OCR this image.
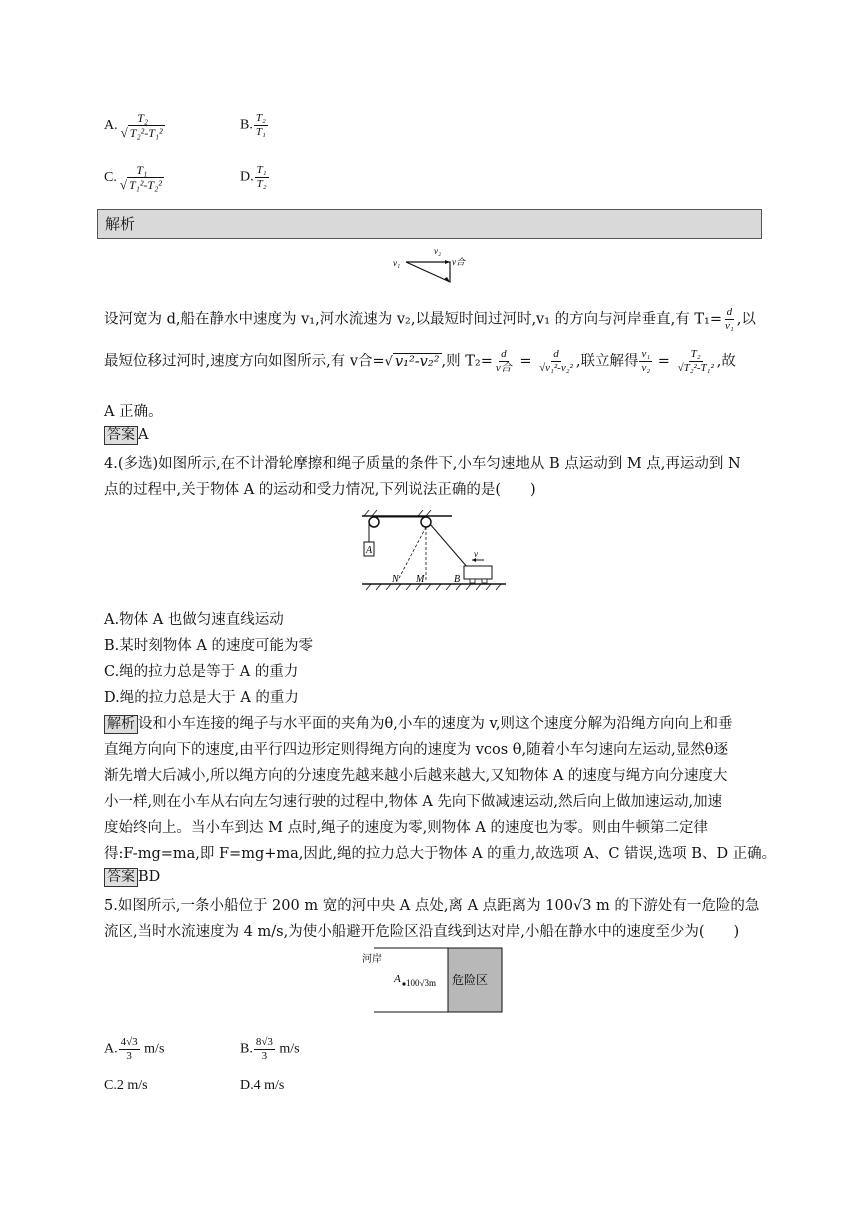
A. $\frac{\text{T₂}}{\text{√ T₂²-T₁²}}$	B. $\frac{\text{T₂}}{\text{T₁}}$
C. $\frac{\text{T₁}}{\text{√ T₁²-T₂²}}$	D. $\frac{\text{T₁}}{\text{T₂}}$
解析
v₁
v₂
v合
设河宽为 d,船在静水中速度为 v₁,河水流速为 v₂,以最短时间过河时,v₁ 的方向与河岸垂直,有 $T_1= \frac{d}{\text{v₁}}$ ,以
最短位移过河时,速度方向如图所示,有 v合=√ v₁²-v₂² ,则 $T_2= \frac{d}{\text{v合}} = \frac{d}{\text{√v₁²-v₂²}}$ ,联立解得 $\frac{\text{v₁}}{\text{v₂}} = \frac{\text{T₂}}{\text{√T₂²-T₁²}}$ ,故
A 正确。
答案 A
4.(多选)如图所示,在不计滑轮摩擦和绳子质量的条件下,小车匀速地从 B 点运动到 M 点,再运动到 N
点的过程中,关于物体 A 的运动和受力情况,下列说法正确的是(　　)
A	v
N M	B
A.物体 A 也做匀速直线运动
B.某时刻物体 A 的速度可能为零
C.绳的拉力总是等于 A 的重力
D.绳的拉力总是大于 A 的重力
解析 设和小车连接的绳子与水平面的夹角为θ,小车的速度为 v,则这个速度分解为沿绳方向向上和垂
直绳方向向下的速度,由平行四边形定则得绳方向的速度为 vcos θ,随着小车匀速向左运动,显然θ逐
渐先增大后减小,所以绳方向的分速度先越来越小后越来越大,又知物体 A 的速度与绳方向分速度大
小一样,则在小车从右向左匀速行驶的过程中,物体 A 先向下做减速运动,然后向上做加速运动,加速
度始终向上。当小车到达 M 点时,绳子的速度为零,则物体 A 的速度也为零。则由牛顿第二定律
得:F-mg=ma,即 F=mg+ma,因此,绳的拉力总大于物体 A 的重力,故选项 A、C 错误,选项 B、D 正确。
答案 BD
5.如图所示,一条小船位于 200 m 宽的河中央 A 点处,离 A 点距离为 100√3 m 的下游处有一危险的急
流区,当时水流速度为 4 m/s,为使小船避开危险区沿直线到达对岸,小船在静水中的速度至少为(　　)
河岸
A 100√3m 危险区
A. $\frac{4√3}{3} m/s$	B. $\frac{8√3}{3} m/s$
C.2 m/s	D.4 m/s
